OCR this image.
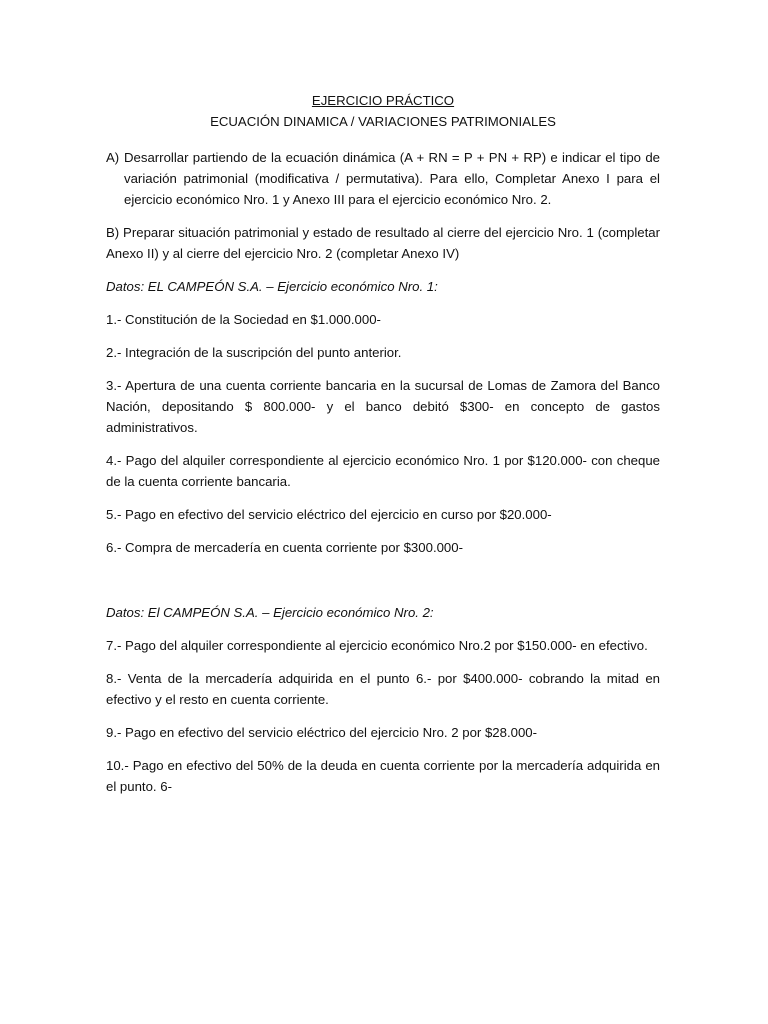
EJERCICIO PRÁCTICO
ECUACIÓN DINAMICA / VARIACIONES PATRIMONIALES
A) Desarrollar partiendo de la ecuación dinámica (A + RN = P + PN + RP) e indicar el tipo de variación patrimonial (modificativa / permutativa). Para ello, Completar Anexo I para el ejercicio económico Nro. 1 y Anexo III para el ejercicio económico Nro. 2.

B) Preparar situación patrimonial y estado de resultado al cierre del ejercicio Nro. 1 (completar Anexo II) y al cierre del ejercicio Nro. 2 (completar Anexo IV)

Datos: EL CAMPEÓN S.A. – Ejercicio económico Nro. 1:

1.- Constitución de la Sociedad en $1.000.000-

2.- Integración de la suscripción del punto anterior.

3.- Apertura de una cuenta corriente bancaria en la sucursal de Lomas de Zamora del Banco Nación, depositando $ 800.000- y el banco debitó $300- en concepto de gastos administrativos.

4.- Pago del alquiler correspondiente al ejercicio económico Nro. 1 por $120.000- con cheque de la cuenta corriente bancaria.

5.- Pago en efectivo del servicio eléctrico del ejercicio en curso por $20.000-

6.- Compra de mercadería en cuenta corriente por $300.000-

Datos: El CAMPEÓN S.A. – Ejercicio económico Nro. 2:

7.- Pago del alquiler correspondiente al ejercicio económico Nro.2 por $150.000- en efectivo.

8.- Venta de la mercadería adquirida en el punto 6.- por $400.000- cobrando la mitad en efectivo y el resto en cuenta corriente.

9.- Pago en efectivo del servicio eléctrico del ejercicio Nro. 2 por $28.000-

10.- Pago en efectivo del 50% de la deuda en cuenta corriente por la mercadería adquirida en el punto. 6-
